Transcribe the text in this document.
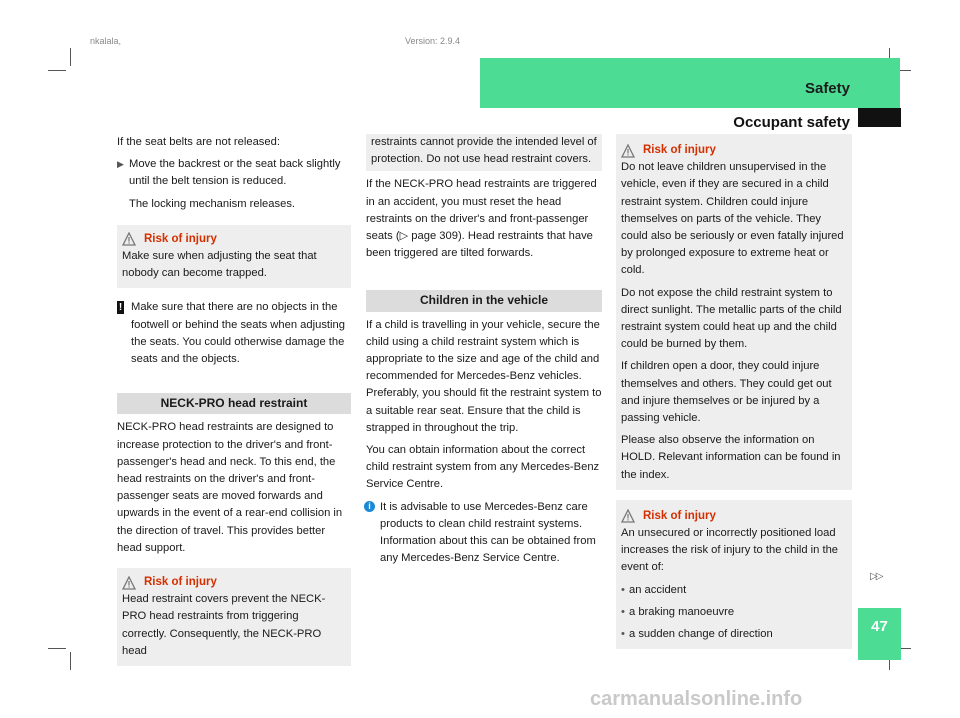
nkalala,	Version: 2.9.4
Safety
Occupant safety

If the seat belts are not released:

▶ Move the backrest or the seat back slightly until the belt tension is reduced.

The locking mechanism releases.

Risk of injury

Make sure when adjusting the seat that nobody can become trapped.

! Make sure that there are no objects in the footwell or behind the seats when adjusting the seats. You could otherwise damage the seats and the objects.

NECK-PRO head restraint

NECK-PRO head restraints are designed to increase protection to the driver's and front-passenger's head and neck. To this end, the head restraints on the driver's and front-passenger seats are moved forwards and upwards in the event of a rear-end collision in the direction of travel. This provides better head support.

Risk of injury

Head restraint covers prevent the NECK-PRO head restraints from triggering correctly. Consequently, the NECK-PRO head

restraints cannot provide the intended level of protection. Do not use head restraint covers.

If the NECK-PRO head restraints are triggered in an accident, you must reset the head restraints on the driver's and front-passenger seats (▷ page 309). Head restraints that have been triggered are tilted forwards.

Children in the vehicle

If a child is travelling in your vehicle, secure the child using a child restraint system which is appropriate to the size and age of the child and recommended for Mercedes-Benz vehicles. Preferably, you should fit the restraint system to a suitable rear seat. Ensure that the child is strapped in throughout the trip.

You can obtain information about the correct child restraint system from any Mercedes-Benz Service Centre.

i It is advisable to use Mercedes-Benz care products to clean child restraint systems. Information about this can be obtained from any Mercedes-Benz Service Centre.
Risk of injury

Do not leave children unsupervised in the vehicle, even if they are secured in a child restraint system. Children could injure themselves on parts of the vehicle. They could also be seriously or even fatally injured by prolonged exposure to extreme heat or cold.

Do not expose the child restraint system to direct sunlight. The metallic parts of the child restraint system could heat up and the child could be burned by them.

If children open a door, they could injure themselves and others. They could get out and injure themselves or be injured by a passing vehicle.

Please also observe the information on HOLD. Relevant information can be found in the index.

Risk of injury

An unsecured or incorrectly positioned load increases the risk of injury to the child in the event of:

• an accident
• a braking manoeuvre
• a sudden change of direction
▷▷
47
carmanualsonline.info
